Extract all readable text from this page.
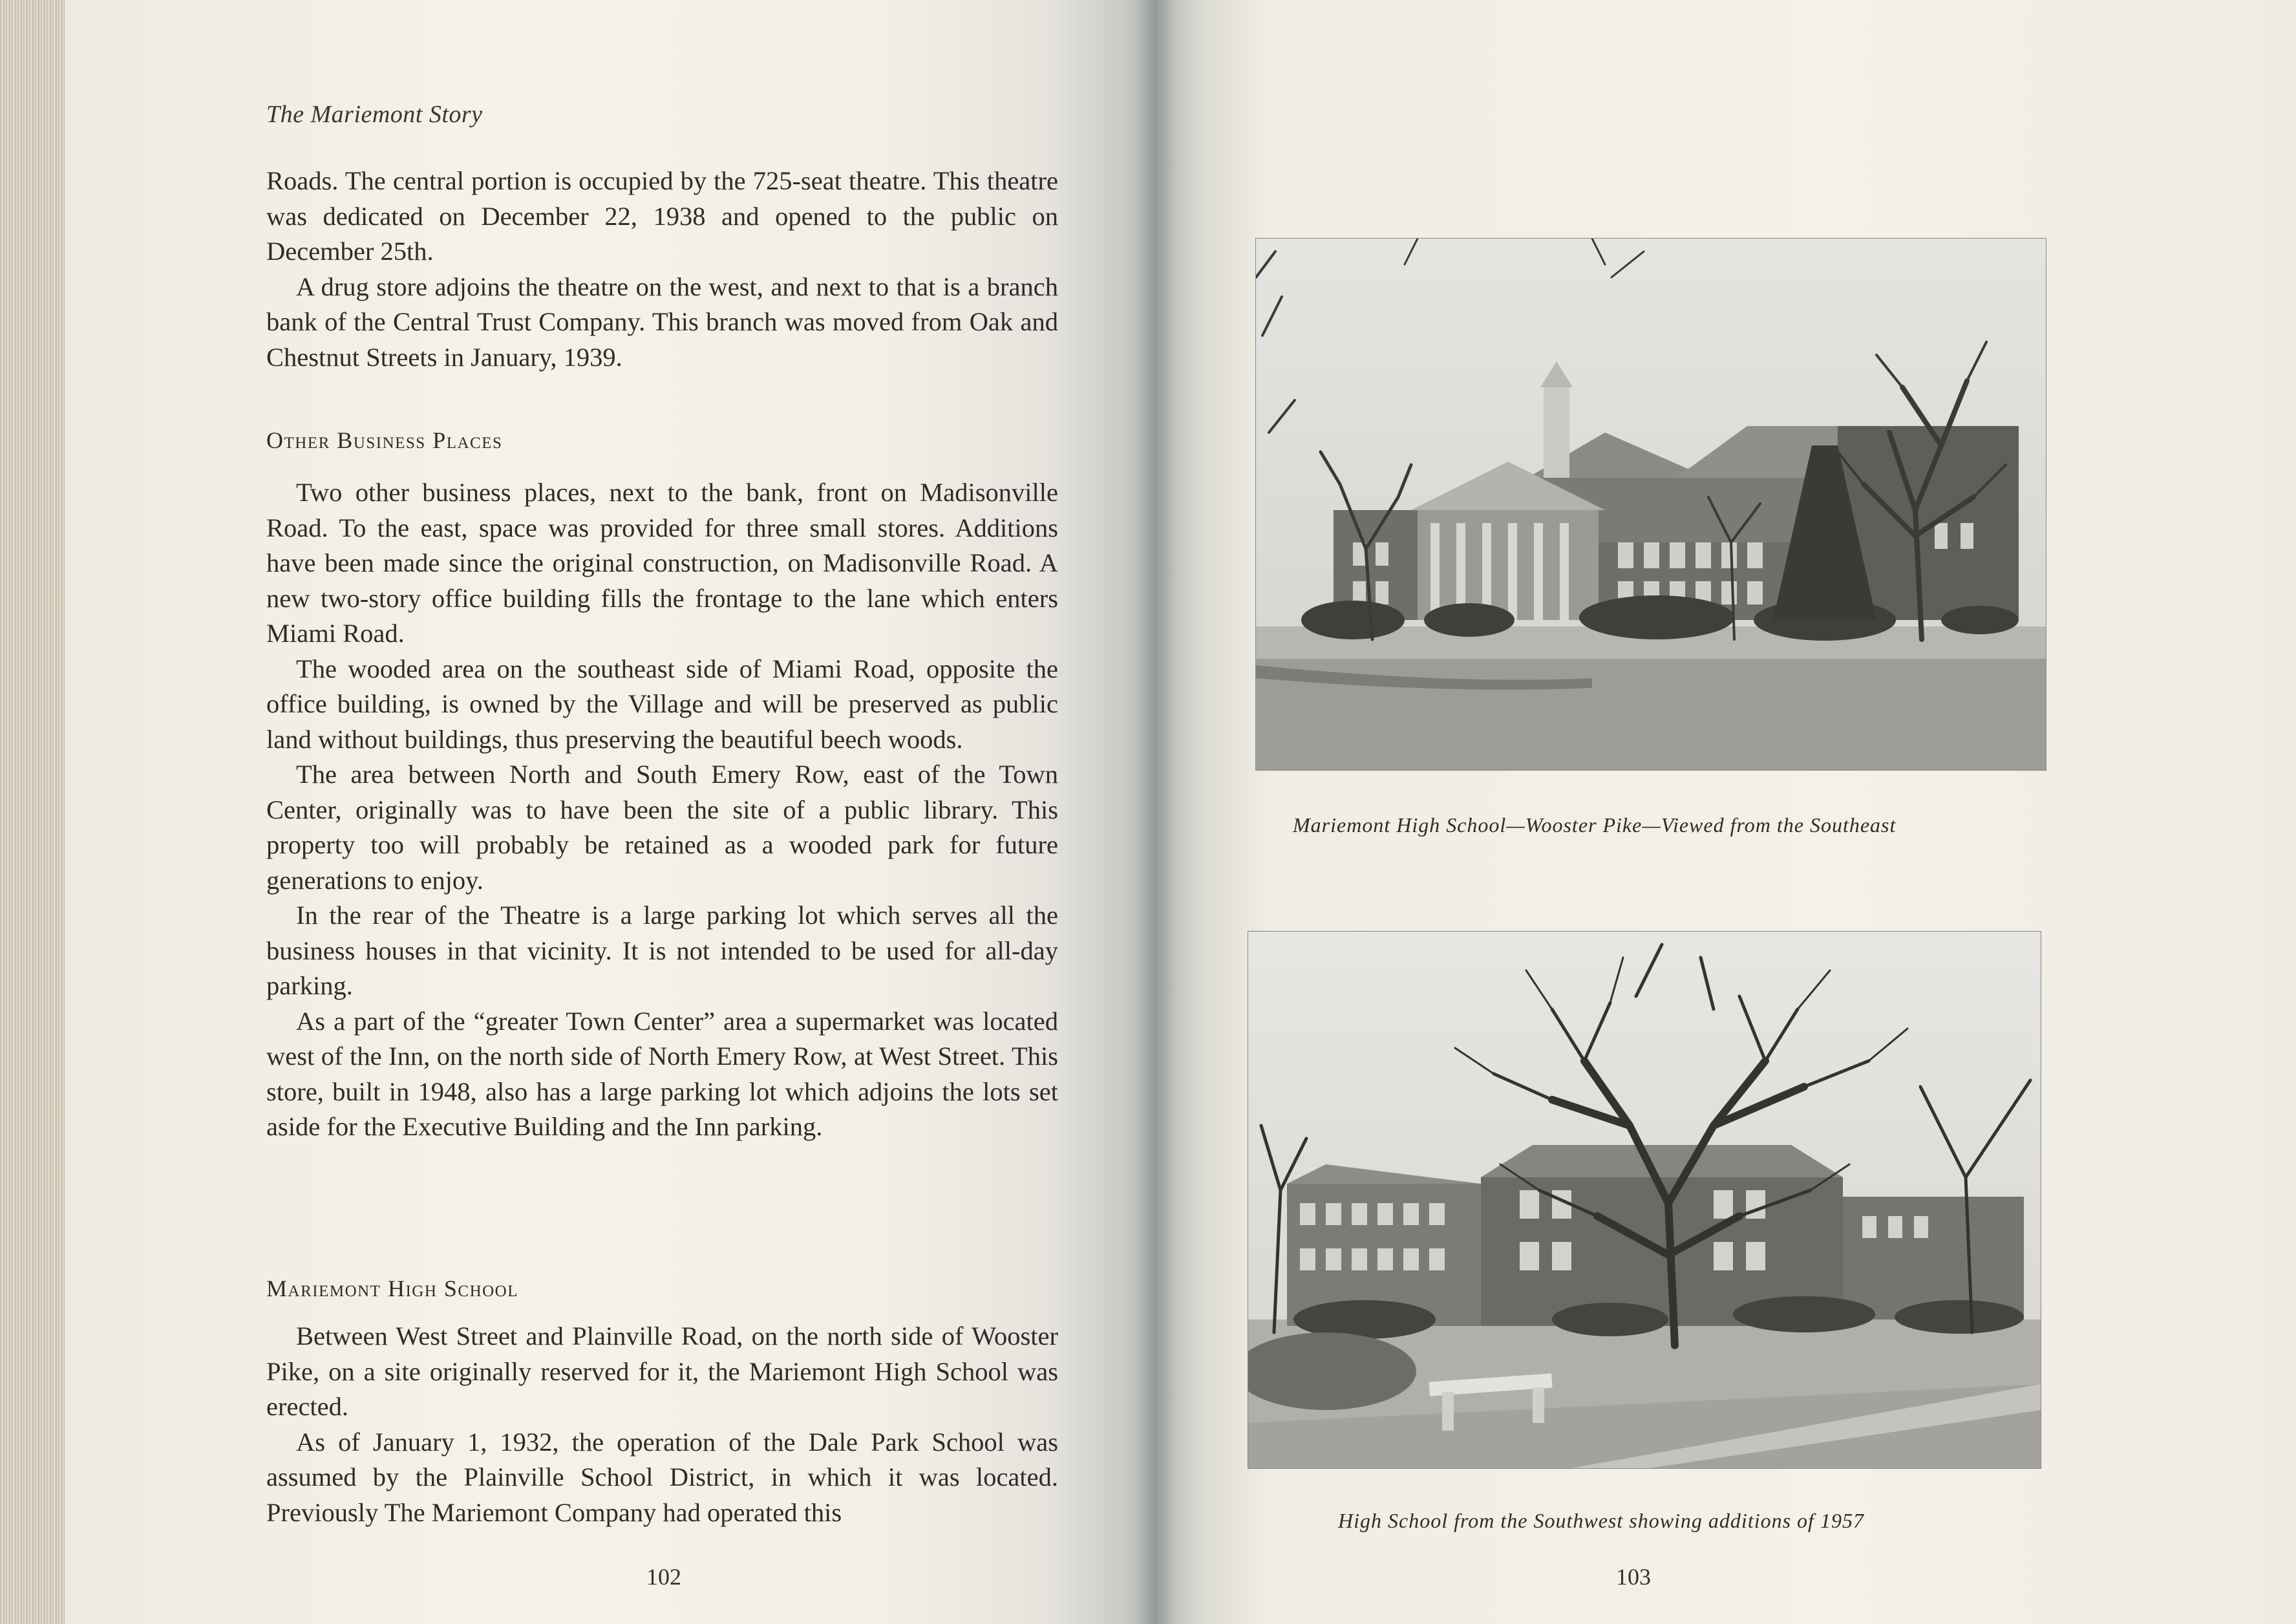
The Mariemont Story

Roads. The central portion is occupied by the 725-seat theatre. This theatre was dedicated on December 22, 1938 and opened to the public on December 25th.

A drug store adjoins the theatre on the west, and next to that is a branch bank of the Central Trust Company. This branch was moved from Oak and Chestnut Streets in January, 1939.

Other Business Places

Two other business places, next to the bank, front on Madisonville Road. To the east, space was provided for three small stores. Additions have been made since the original construction, on Madisonville Road. A new two-story office building fills the frontage to the lane which enters Miami Road.

The wooded area on the southeast side of Miami Road, opposite the office building, is owned by the Village and will be preserved as public land without buildings, thus preserving the beautiful beech woods.

The area between North and South Emery Row, east of the Town Center, originally was to have been the site of a public library. This property too will probably be retained as a wooded park for future generations to enjoy.

In the rear of the Theatre is a large parking lot which serves all the business houses in that vicinity. It is not intended to be used for all-day parking.

As a part of the “greater Town Center” area a supermarket was located west of the Inn, on the north side of North Emery Row, at West Street. This store, built in 1948, also has a large parking lot which adjoins the lots set aside for the Executive Building and the Inn parking.

Mariemont High School

Between West Street and Plainville Road, on the north side of Wooster Pike, on a site originally reserved for it, the Mariemont High School was erected.

As of January 1, 1932, the operation of the Dale Park School was assumed by the Plainville School District, in which it was located. Previously The Mariemont Company had operated this

102
Mariemont High School—Wooster Pike—Viewed from the Southeast
High School from the Southwest showing additions of 1957
103
